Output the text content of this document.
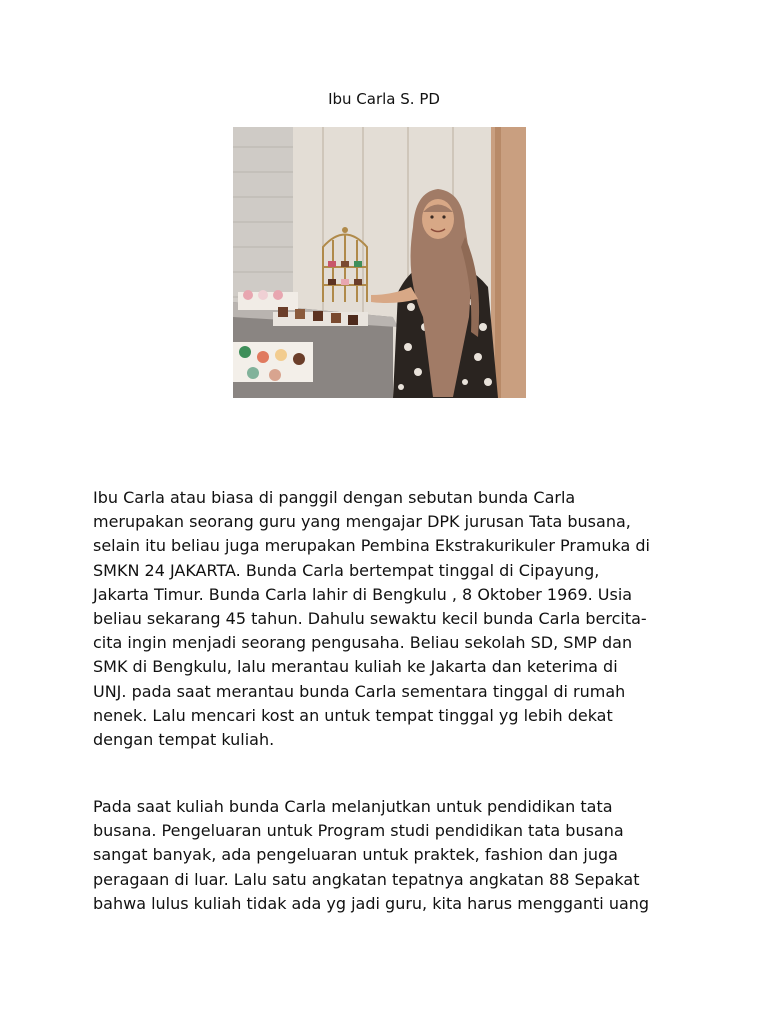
Ibu Carla S. PD

Ibu Carla atau biasa di panggil dengan sebutan bunda Carla
merupakan seorang guru yang mengajar DPK jurusan Tata busana,
selain itu beliau juga merupakan Pembina Ekstrakurikuler Pramuka di
SMKN 24 JAKARTA. Bunda Carla bertempat tinggal di Cipayung,
Jakarta Timur. Bunda Carla lahir di Bengkulu , 8 Oktober 1969. Usia
beliau sekarang 45 tahun. Dahulu sewaktu kecil bunda Carla bercita-
cita ingin menjadi seorang pengusaha. Beliau sekolah SD, SMP dan
SMK di Bengkulu, lalu merantau kuliah ke Jakarta dan keterima di
UNJ. pada saat merantau bunda Carla sementara tinggal di rumah
nenek. Lalu mencari kost an untuk tempat tinggal yg lebih dekat
dengan tempat kuliah.

Pada saat kuliah bunda Carla melanjutkan untuk pendidikan tata
busana. Pengeluaran untuk Program studi pendidikan tata busana
sangat banyak, ada pengeluaran untuk praktek, fashion dan juga
peragaan di luar. Lalu satu angkatan tepatnya angkatan 88 Sepakat
bahwa lulus kuliah tidak ada yg jadi guru, kita harus mengganti uang
